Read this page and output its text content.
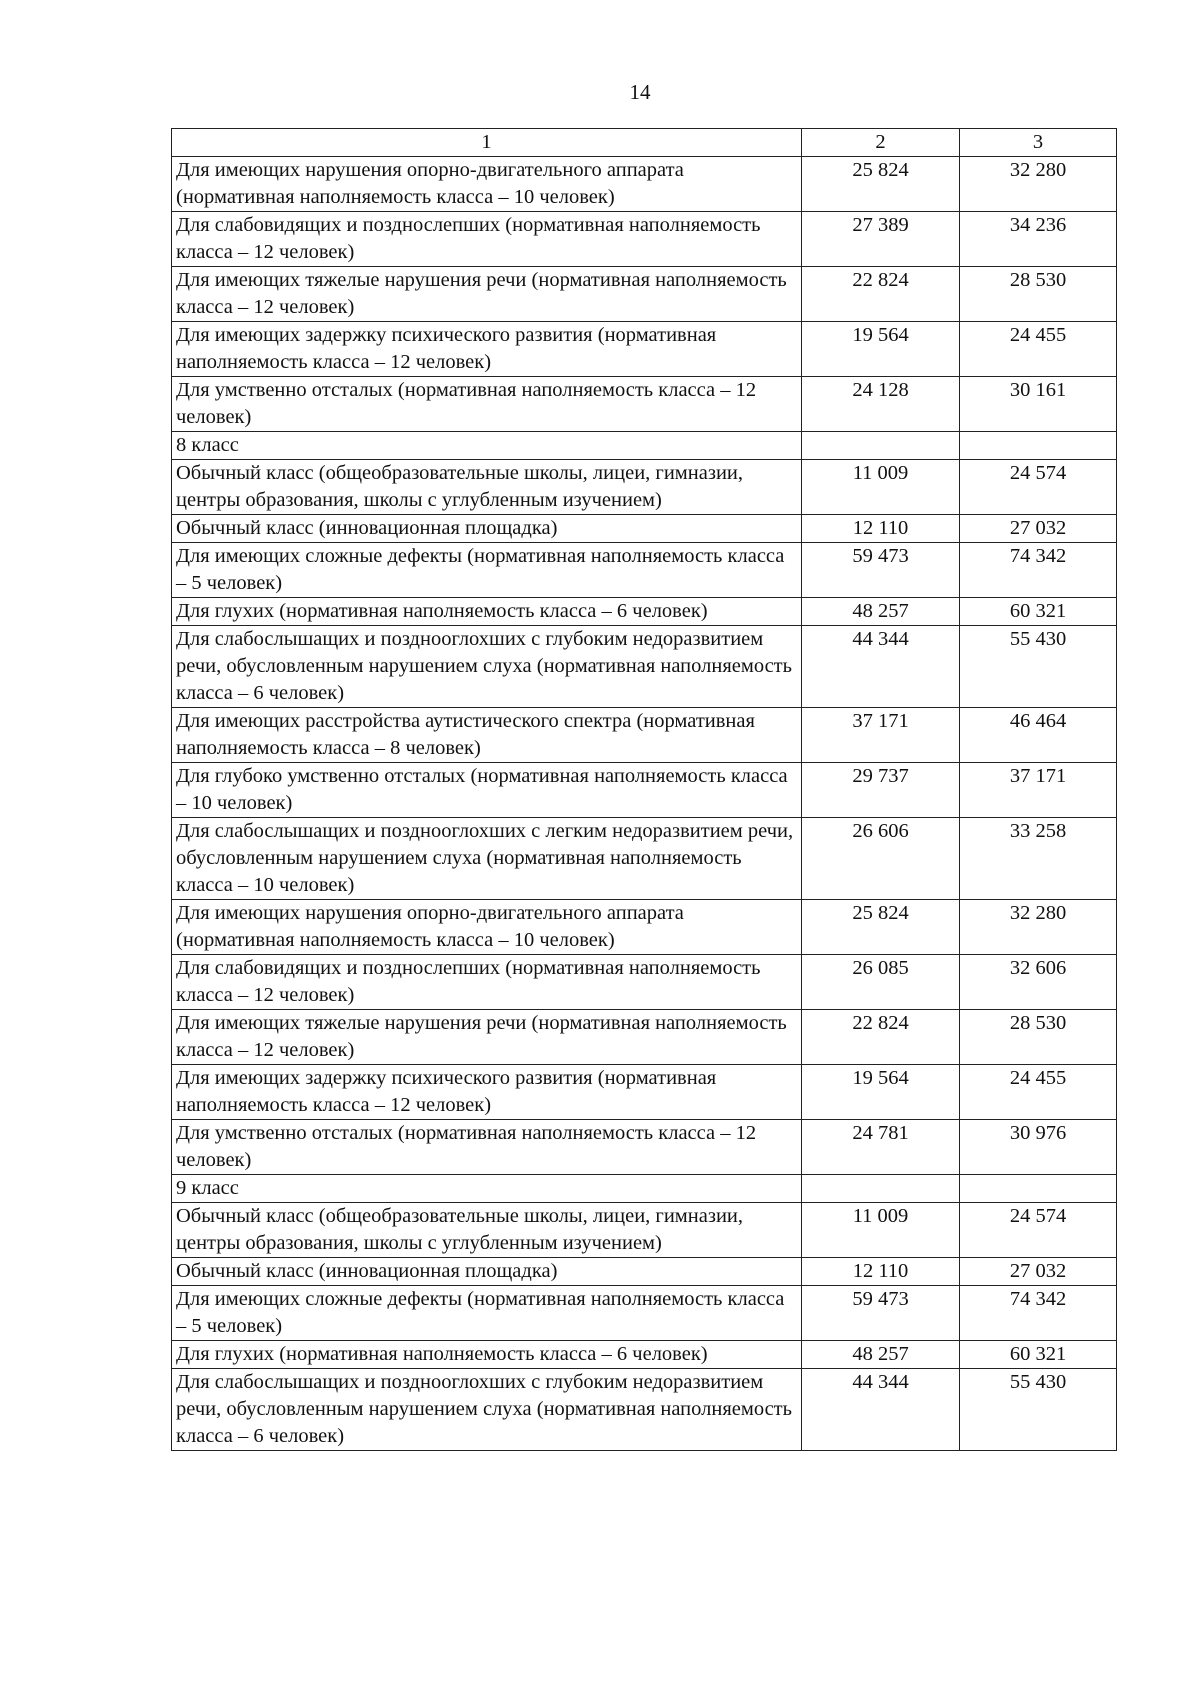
14
1	2	3
Для имеющих нарушения опорно-двигательного аппарата (нормативная наполняемость класса – 10 человек)	25 824	32 280
Для слабовидящих и позднослепших (нормативная наполняемость класса – 12 человек)	27 389	34 236
Для имеющих тяжелые нарушения речи (нормативная наполняемость класса – 12 человек)	22 824	28 530
Для имеющих задержку психического развития (нормативная наполняемость класса – 12 человек)	19 564	24 455
Для умственно отсталых (нормативная наполняемость класса – 12 человек)	24 128	30 161
8 класс		
Обычный класс (общеобразовательные школы, лицеи, гимназии, центры образования, школы с углубленным изучением)	11 009	24 574
Обычный класс (инновационная площадка)	12 110	27 032
Для имеющих сложные дефекты (нормативная наполняемость класса – 5 человек)	59 473	74 342
Для глухих (нормативная наполняемость класса – 6 человек)	48 257	60 321
Для слабослышащих и позднооглохших с глубоким недоразвитием речи, обусловленным нарушением слуха (нормативная наполняемость класса – 6 человек)	44 344	55 430
Для имеющих расстройства аутистического спектра (нормативная наполняемость класса – 8 человек)	37 171	46 464
Для глубоко умственно отсталых (нормативная наполняемость класса – 10 человек)	29 737	37 171
Для слабослышащих и позднооглохших с легким недоразвитием речи, обусловленным нарушением слуха (нормативная наполняемость класса – 10 человек)	26 606	33 258
Для имеющих нарушения опорно-двигательного аппарата (нормативная наполняемость класса – 10 человек)	25 824	32 280
Для слабовидящих и позднослепших (нормативная наполняемость класса – 12 человек)	26 085	32 606
Для имеющих тяжелые нарушения речи (нормативная наполняемость класса – 12 человек)	22 824	28 530
Для имеющих задержку психического развития (нормативная наполняемость класса – 12 человек)	19 564	24 455
Для умственно отсталых (нормативная наполняемость класса – 12 человек)	24 781	30 976
9 класс		
Обычный класс (общеобразовательные школы, лицеи, гимназии, центры образования, школы с углубленным изучением)	11 009	24 574
Обычный класс (инновационная площадка)	12 110	27 032
Для имеющих сложные дефекты (нормативная наполняемость класса – 5 человек)	59 473	74 342
Для глухих (нормативная наполняемость класса – 6 человек)	48 257	60 321
Для слабослышащих и позднооглохших с глубоким недоразвитием речи, обусловленным нарушением слуха (нормативная наполняемость класса – 6 человек)	44 344	55 430
